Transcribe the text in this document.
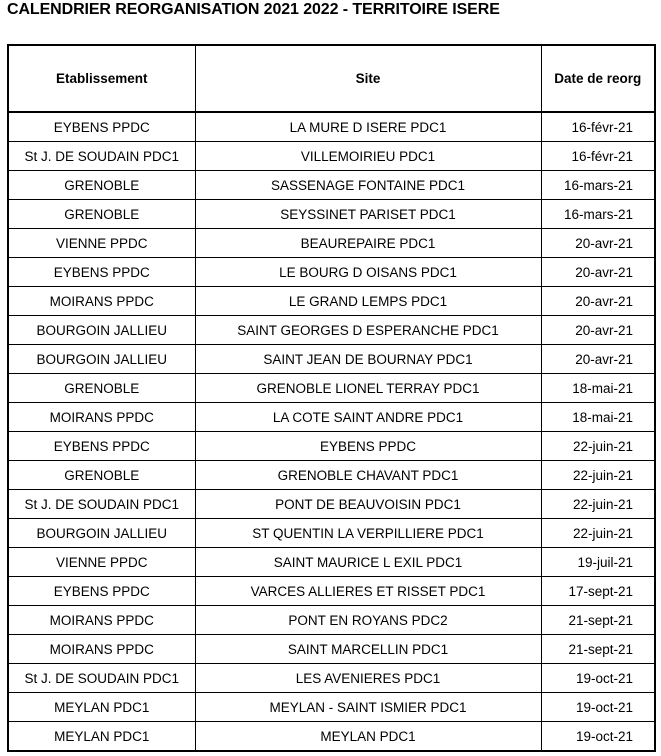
CALENDRIER REORGANISATION 2021 2022 - TERRITOIRE ISERE
Etablissement	Site	Date de reorg
EYBENS PPDC	LA MURE D ISERE PDC1	16-févr-21
St J. DE SOUDAIN PDC1	VILLEMOIRIEU PDC1	16-févr-21
GRENOBLE	SASSENAGE FONTAINE PDC1	16-mars-21
GRENOBLE	SEYSSINET PARISET PDC1	16-mars-21
VIENNE PPDC	BEAUREPAIRE PDC1	20-avr-21
EYBENS PPDC	LE BOURG D OISANS PDC1	20-avr-21
MOIRANS PPDC	LE GRAND LEMPS PDC1	20-avr-21
BOURGOIN JALLIEU	SAINT GEORGES D ESPERANCHE PDC1	20-avr-21
BOURGOIN JALLIEU	SAINT JEAN DE BOURNAY PDC1	20-avr-21
GRENOBLE	GRENOBLE LIONEL TERRAY PDC1	18-mai-21
MOIRANS PPDC	LA COTE SAINT ANDRE PDC1	18-mai-21
EYBENS PPDC	EYBENS PPDC	22-juin-21
GRENOBLE	GRENOBLE CHAVANT PDC1	22-juin-21
St J. DE SOUDAIN PDC1	PONT DE BEAUVOISIN PDC1	22-juin-21
BOURGOIN JALLIEU	ST QUENTIN LA VERPILLIERE PDC1	22-juin-21
VIENNE PPDC	SAINT MAURICE L EXIL PDC1	19-juil-21
EYBENS PPDC	VARCES ALLIERES ET RISSET PDC1	17-sept-21
MOIRANS PPDC	PONT EN ROYANS PDC2	21-sept-21
MOIRANS PPDC	SAINT MARCELLIN PDC1	21-sept-21
St J. DE SOUDAIN PDC1	LES AVENIERES PDC1	19-oct-21
MEYLAN PDC1	MEYLAN - SAINT ISMIER PDC1	19-oct-21
MEYLAN PDC1	MEYLAN PDC1	19-oct-21
